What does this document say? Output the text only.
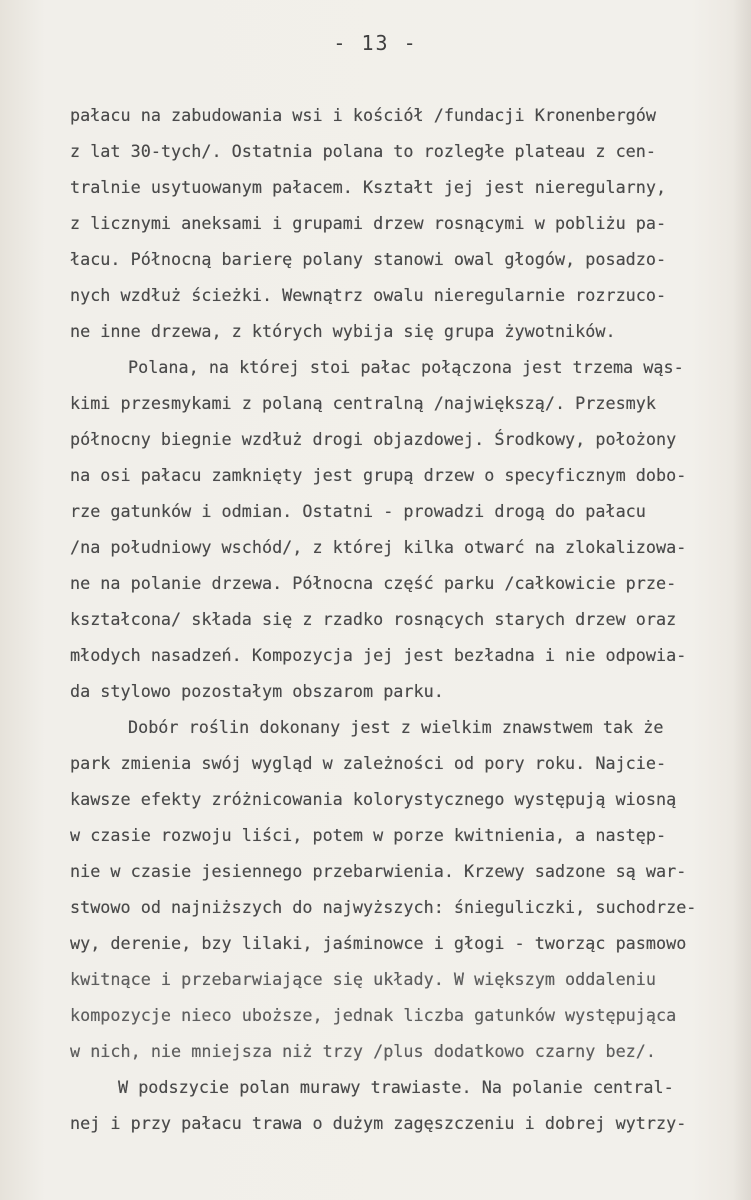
- 13 -
pałacu na zabudowania wsi i kościół /fundacji Kronenbergów
z lat 30-tych/. Ostatnia polana to rozległe plateau z cen-
tralnie usytuowanym pałacem. Kształt jej jest nieregularny,
z licznymi aneksami i grupami drzew rosnącymi w pobliżu pa-
łacu. Północną barierę polany stanowi owal głogów, posadzo-
nych wzdłuż ścieżki. Wewnątrz owalu nieregularnie rozrzuco-
ne inne drzewa, z których wybija się grupa żywotników.
Polana, na której stoi pałac połączona jest trzema wąs-
kimi przesmykami z polaną centralną /największą/. Przesmyk
północny biegnie wzdłuż drogi objazdowej. Środkowy, położony
na osi pałacu zamknięty jest grupą drzew o specyficznym dobo-
rze gatunków i odmian. Ostatni - prowadzi drogą do pałacu
/na południowy wschód/, z której kilka otwarć na zlokalizowa-
ne na polanie drzewa. Północna część parku /całkowicie prze-
kształcona/ składa się z rzadko rosnących starych drzew oraz
młodych nasadzeń. Kompozycja jej jest bezładna i nie odpowia-
da stylowo pozostałym obszarom parku.
Dobór roślin dokonany jest z wielkim znawstwem tak że
park zmienia swój wygląd w zależności od pory roku. Najcie-
kawsze efekty zróżnicowania kolorystycznego występują wiosną
w czasie rozwoju liści, potem w porze kwitnienia, a następ-
nie w czasie jesiennego przebarwienia. Krzewy sadzone są war-
stwowo od najniższych do najwyższych: śnieguliczki, suchodrze-
wy, derenie, bzy lilaki, jaśminowce i głogi - tworząc pasmowo
kwitnące i przebarwiające się układy. W większym oddaleniu
kompozycje nieco uboższe, jednak liczba gatunków występująca
w nich, nie mniejsza niż trzy /plus dodatkowo czarny bez/.
W podszycie polan murawy trawiaste. Na polanie central-
nej i przy pałacu trawa o dużym zagęszczeniu i dobrej wytrzy-
